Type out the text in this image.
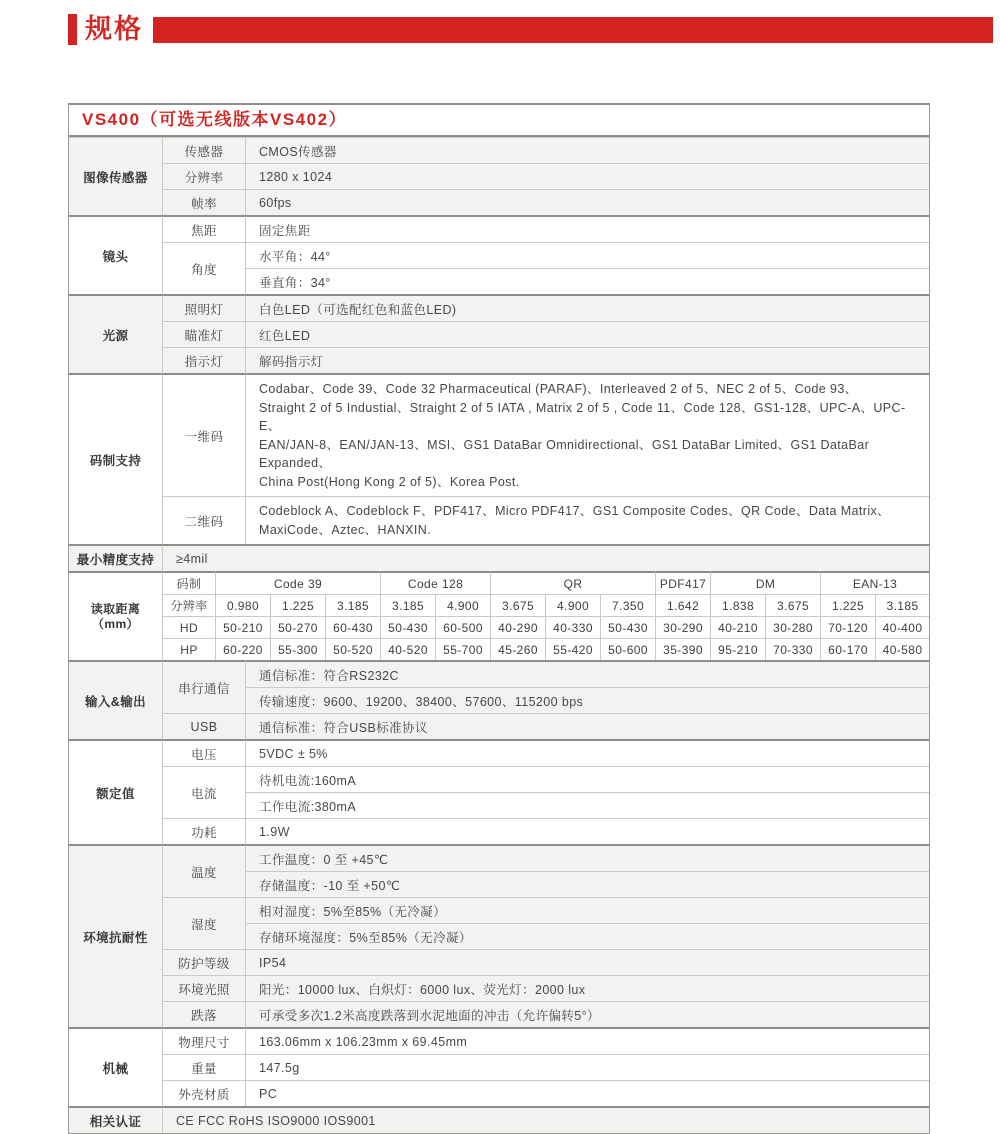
规格
VS400（可选无线版本VS402）
图像传感器	传感器	CMOS传感器
	分辨率	1280 x 1024
	帧率	60fps
镜头	焦距	固定焦距
	角度	水平角：44°
		垂直角：34°
光源	照明灯	白色LED（可选配红色和蓝色LED)
	瞄准灯	红色LED
	指示灯	解码指示灯
码制支持	一维码	Codabar、Code 39、Code 32 Pharmaceutical (PARAF)、Interleaved 2 of 5、NEC 2 of 5、Code 93、
Straight 2 of 5 Industial、Straight 2 of 5 IATA , Matrix 2 of 5 , Code 11、Code 128、GS1-128、UPC-A、UPC-E、
EAN/JAN-8、EAN/JAN-13、MSI、GS1 DataBar Omnidirectional、GS1 DataBar Limited、GS1 DataBar Expanded、
China Post(Hong Kong 2 of 5)、Korea Post.

	二维码	Codeblock A、Codeblock F、PDF417、Micro PDF417、GS1 Composite Codes、QR Code、Data Matrix、
MaxiCode、Aztec、HANXIN.

最小精度支持	≥4mil	
读取距离
（mm）	码制	Code 39			Code 128		QR			PDF417	DM		EAN-13	
	分辨率	0.980	1.225	3.185	3.185	4.900	3.675	4.900	7.350	1.642	1.838	3.675	1.225	3.185
	HD	50-210	50-270	60-430	50-430	60-500	40-290	40-330	50-430	30-290	40-210	30-280	70-120	40-400
	HP	60-220	55-300	50-520	40-520	55-700	45-260	55-420	50-600	35-390	95-210	70-330	60-170	40-580
输入&输出	串行通信	通信标准：符合RS232C
		传输速度：9600、19200、38400、57600、115200 bps
	USB	通信标准：符合USB标准协议
额定值	电压	5VDC ± 5%
	电流	待机电流:160mA
		工作电流:380mA
	功耗	1.9W
环境抗耐性	温度	工作温度：0 至 +45℃
		存储温度：-10 至 +50℃
	湿度	相对湿度：5%至85%（无冷凝）
		存储环境湿度：5%至85%（无冷凝）
	防护等级	IP54
	环境光照	阳光：10000 lux、白炽灯：6000 lux、荧光灯：2000 lux
	跌落	可承受多次1.2米高度跌落到水泥地面的冲击（允许偏转5°）
机械	物理尺寸	163.06mm x 106.23mm x 69.45mm
	重量	147.5g
	外壳材质	PC
相关认证	CE FCC RoHS ISO9000 IOS9001	
